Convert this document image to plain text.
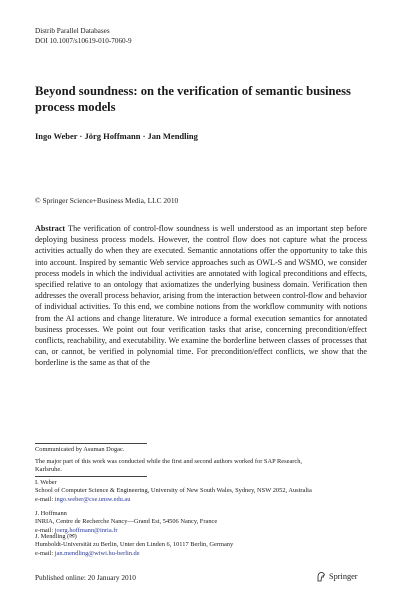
Distrib Parallel Databases
DOI 10.1007/s10619-010-7060-9
Beyond soundness: on the verification of semantic business process models
Ingo Weber · Jörg Hoffmann · Jan Mendling
© Springer Science+Business Media, LLC 2010
Abstract The verification of control-flow soundness is well understood as an important step before deploying business process models. However, the control flow does not capture what the process activities actually do when they are executed. Semantic annotations offer the opportunity to take this into account. Inspired by semantic Web service approaches such as OWL-S and WSMO, we consider process models in which the individual activities are annotated with logical preconditions and effects, specified relative to an ontology that axiomatizes the underlying business domain. Verification then addresses the overall process behavior, arising from the interaction between control-flow and behavior of individual activities. To this end, we combine notions from the workflow community with notions from the AI actions and change literature. We introduce a formal execution semantics for annotated business processes. We point out four verification tasks that arise, concerning precondition/effect conflicts, reachability, and executability. We examine the borderline between classes of processes that can, or cannot, be verified in polynomial time. For precondition/effect conflicts, we show that the borderline is the same as that of the
Communicated by Asuman Dogac.
The major part of this work was conducted while the first and second authors worked for SAP Research, Karlsruhe.
I. Weber
School of Computer Science & Engineering, University of New South Wales, Sydney, NSW 2052, Australia
e-mail: ingo.weber@cse.unsw.edu.au
J. Hoffmann
INRIA, Centre de Recherche Nancy—Grand Est, 54506 Nancy, France
e-mail: joerg.hoffmann@inria.fr
J. Mendling (✉)
Humboldt-Universität zu Berlin, Unter den Linden 6, 10117 Berlin, Germany
e-mail: jan.mendling@wiwi.hu-berlin.de
Published online: 20 January 2010	Springer
